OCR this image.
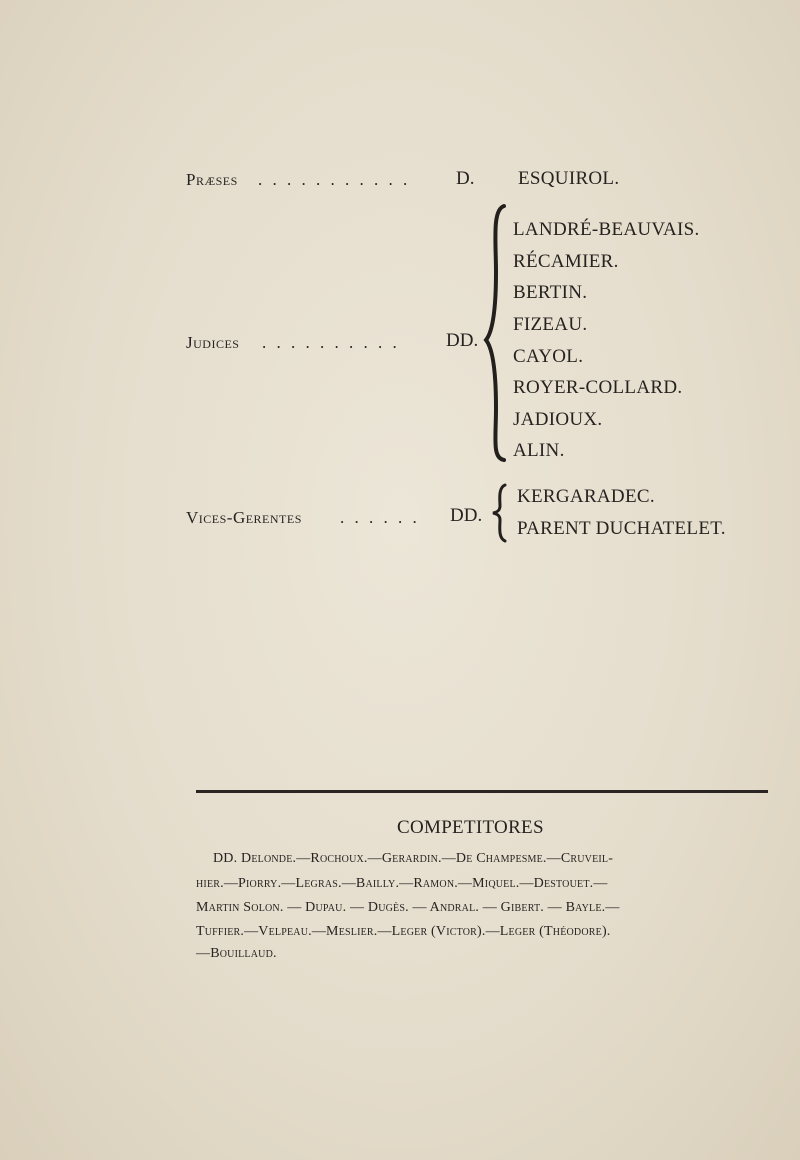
Præses . . . . . . . . . . . D. ESQUIROL.
Judices . . . . . . . . . . DD.
LANDRÉ-BEAUVAIS.
RÉCAMIER.
BERTIN.
FIZEAU.
CAYOL.
ROYER-COLLARD.
JADIOUX.
ALIN.
Vices-Gerentes . . . . . . DD.
KERGARADEC.
PARENT DUCHATELET.
COMPETITORES
DD. Delonde.—Rochoux.—Gerardin.—De Champesme.—Cruveil-
hier.—Piorry.—Legras.—Bailly.—Ramon.—Miquel.—Destouet.—
Martin Solon. — Dupau. — Dugès. — Andral. — Gibert. — Bayle.—
Tuffier.—Velpeau.—Meslier.—Leger (Victor).—Leger (Théodore).
—Bouillaud.
